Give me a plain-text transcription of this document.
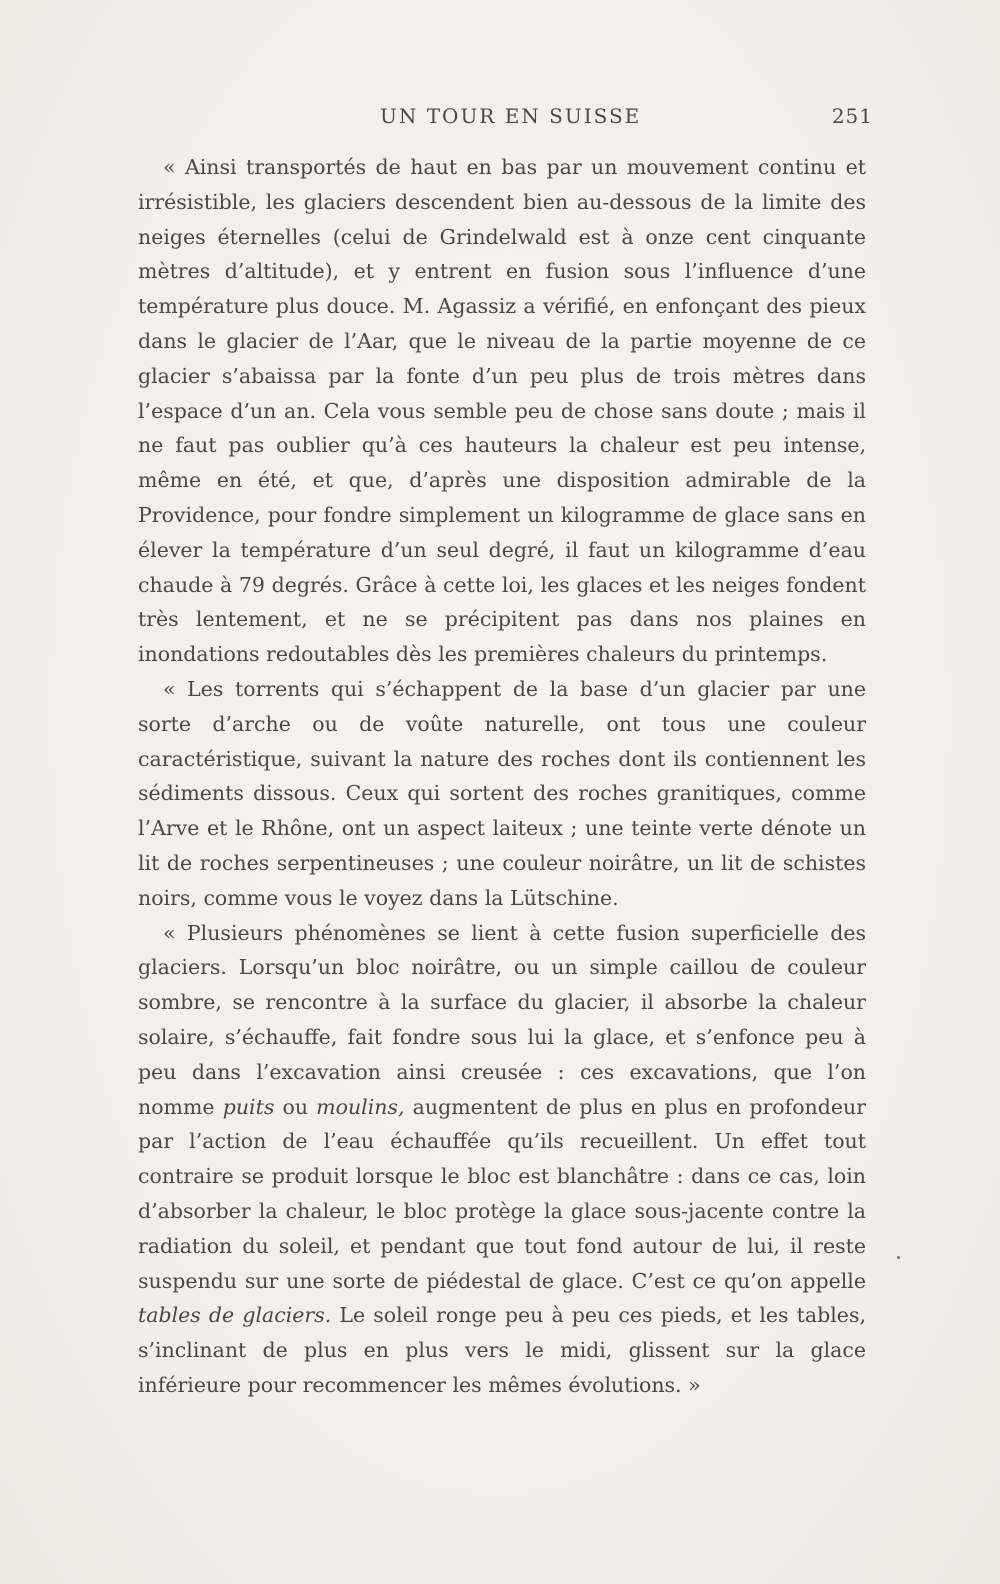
UN TOUR EN SUISSE	251

« Ainsi transportés de haut en bas par un mouvement continu et irrésistible, les glaciers descendent bien au-dessous de la limite des neiges éternelles (celui de Grindelwald est à onze cent cinquante mètres d’altitude), et y entrent en fusion sous l’influence d’une température plus douce. M. Agassiz a vérifié, en enfonçant des pieux dans le glacier de l’Aar, que le niveau de la partie moyenne de ce glacier s’abaissa par la fonte d’un peu plus de trois mètres dans l’espace d’un an. Cela vous semble peu de chose sans doute ; mais il ne faut pas oublier qu’à ces hauteurs la chaleur est peu intense, même en été, et que, d’après une disposition admirable de la Providence, pour fondre simplement un kilogramme de glace sans en élever la température d’un seul degré, il faut un kilogramme d’eau chaude à 79 degrés. Grâce à cette loi, les glaces et les neiges fondent très lentement, et ne se précipitent pas dans nos plaines en inondations redoutables dès les premières chaleurs du printemps.

« Les torrents qui s’échappent de la base d’un glacier par une sorte d’arche ou de voûte naturelle, ont tous une couleur caractéristique, suivant la nature des roches dont ils contiennent les sédiments dissous. Ceux qui sortent des roches granitiques, comme l’Arve et le Rhône, ont un aspect laiteux ; une teinte verte dénote un lit de roches serpentineuses ; une couleur noirâtre, un lit de schistes noirs, comme vous le voyez dans la Lütschine.

« Plusieurs phénomènes se lient à cette fusion superficielle des glaciers. Lorsqu’un bloc noirâtre, ou un simple caillou de couleur sombre, se rencontre à la surface du glacier, il absorbe la chaleur solaire, s’échauffe, fait fondre sous lui la glace, et s’enfonce peu à peu dans l’excavation ainsi creusée : ces excavations, que l’on nomme puits ou moulins, augmentent de plus en plus en profondeur par l’action de l’eau échauffée qu’ils recueillent. Un effet tout contraire se produit lorsque le bloc est blanchâtre : dans ce cas, loin d’absorber la chaleur, le bloc protège la glace sous-jacente contre la radiation du soleil, et pendant que tout fond autour de lui, il reste suspendu sur une sorte de piédestal de glace. C’est ce qu’on appelle tables de glaciers. Le soleil ronge peu à peu ces pieds, et les tables, s’inclinant de plus en plus vers le midi, glissent sur la glace inférieure pour recommencer les mêmes évolutions. »
